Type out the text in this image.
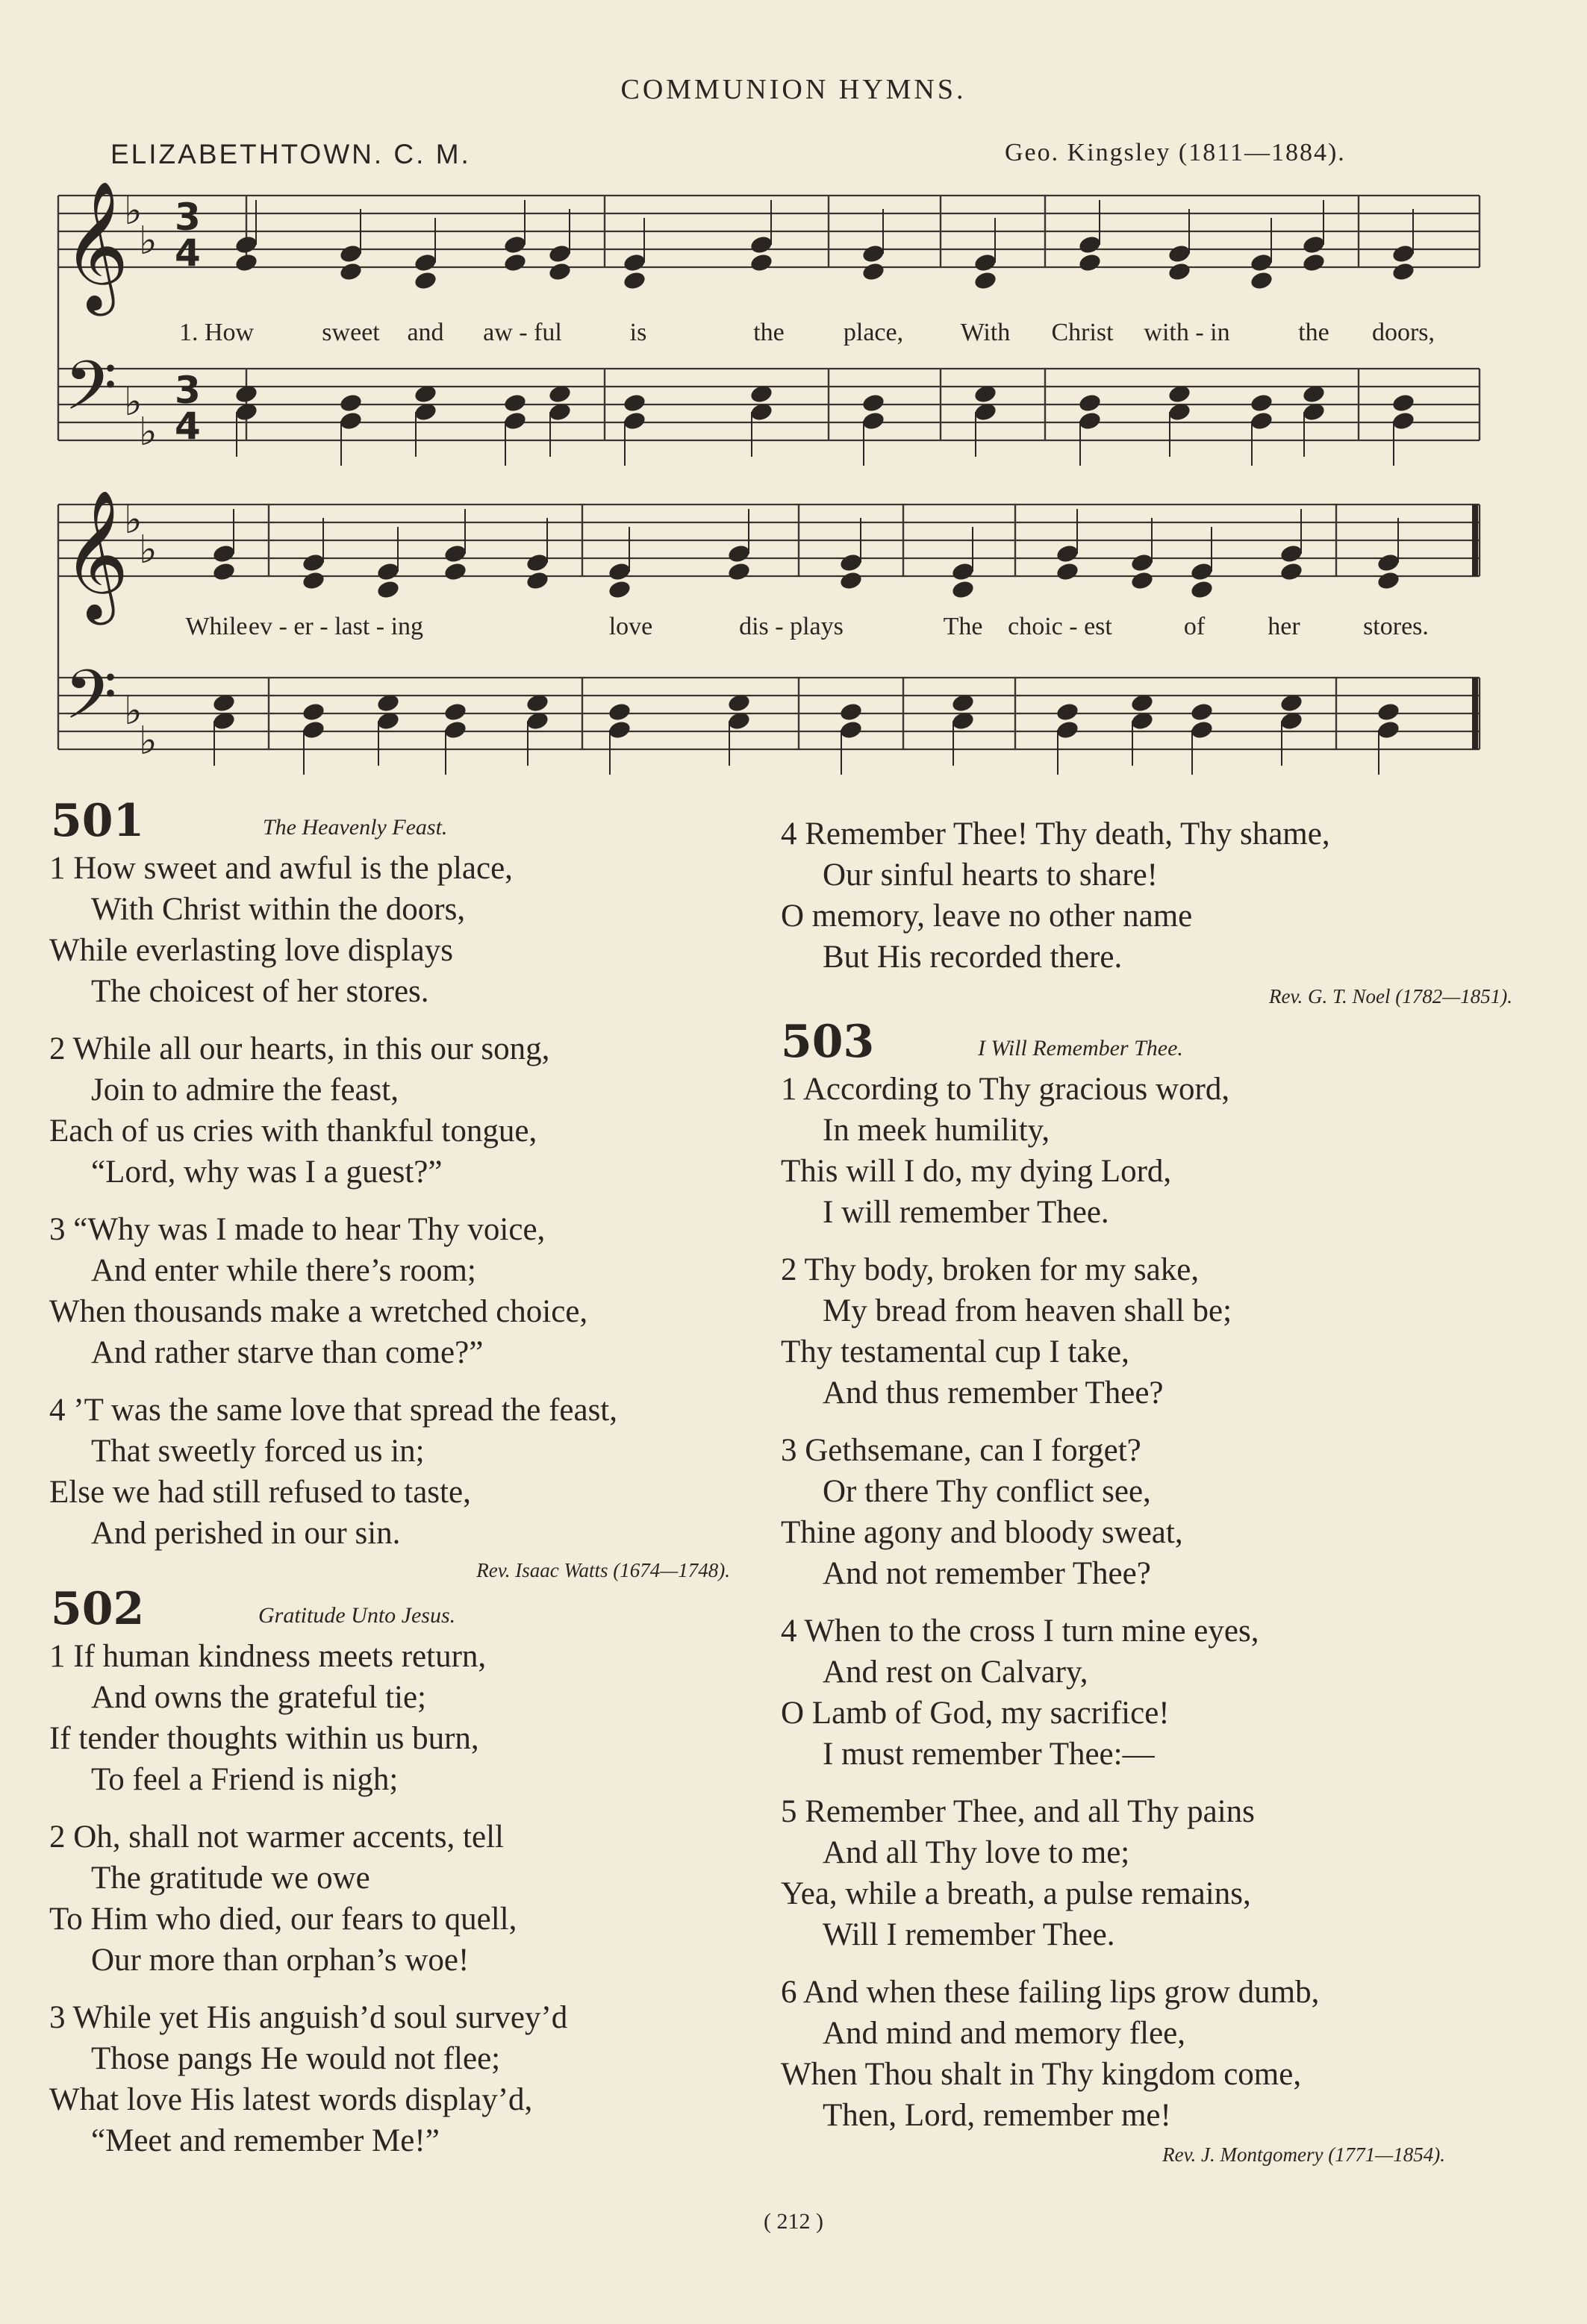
COMMUNION HYMNS.
ELIZABETHTOWN. C. M.	Geo. Kingsley (1811—1884).
𝄞
𝄢
♭
♭
♭
♭
3
4
3
4
𝄞
𝄢
♭
♭
♭
♭
1. How	sweet and aw - ful	is	the place, With Christ with - in	the doors,
While ev - er - last - ing	love	dis - plays	The choic - est	of her stores.
501	The Heavenly Feast.
1 How sweet and awful is the place,
With Christ within the doors,
While everlasting love displays
The choicest of her stores.
2 While all our hearts, in this our song,
Join to admire the feast,
Each of us cries with thankful tongue,
“Lord, why was I a guest?”
3 “Why was I made to hear Thy voice,
And enter while there’s room;
When thousands make a wretched choice,
And rather starve than come?”
4 ’T was the same love that spread the feast,
That sweetly forced us in;
Else we had still refused to taste,
And perished in our sin.
Rev. Isaac Watts (1674—1748).
502	Gratitude Unto Jesus.
1 If human kindness meets return,
And owns the grateful tie;
If tender thoughts within us burn,
To feel a Friend is nigh;
2 Oh, shall not warmer accents, tell
The gratitude we owe
To Him who died, our fears to quell,
Our more than orphan’s woe!
3 While yet His anguish’d soul survey’d
Those pangs He would not flee;
What love His latest words display’d,
“Meet and remember Me!”
4 Remember Thee! Thy death, Thy shame,
Our sinful hearts to share!
O memory, leave no other name
But His recorded there.
Rev. G. T. Noel (1782—1851).
503	I Will Remember Thee.
1 According to Thy gracious word,
In meek humility,
This will I do, my dying Lord,
I will remember Thee.
2 Thy body, broken for my sake,
My bread from heaven shall be;
Thy testamental cup I take,
And thus remember Thee?
3 Gethsemane, can I forget?
Or there Thy conflict see,
Thine agony and bloody sweat,
And not remember Thee?
4 When to the cross I turn mine eyes,
And rest on Calvary,
O Lamb of God, my sacrifice!
I must remember Thee:—
5 Remember Thee, and all Thy pains
And all Thy love to me;
Yea, while a breath, a pulse remains,
Will I remember Thee.
6 And when these failing lips grow dumb,
And mind and memory flee,
When Thou shalt in Thy kingdom come,
Then, Lord, remember me!
Rev. J. Montgomery (1771—1854).
( 212 )
